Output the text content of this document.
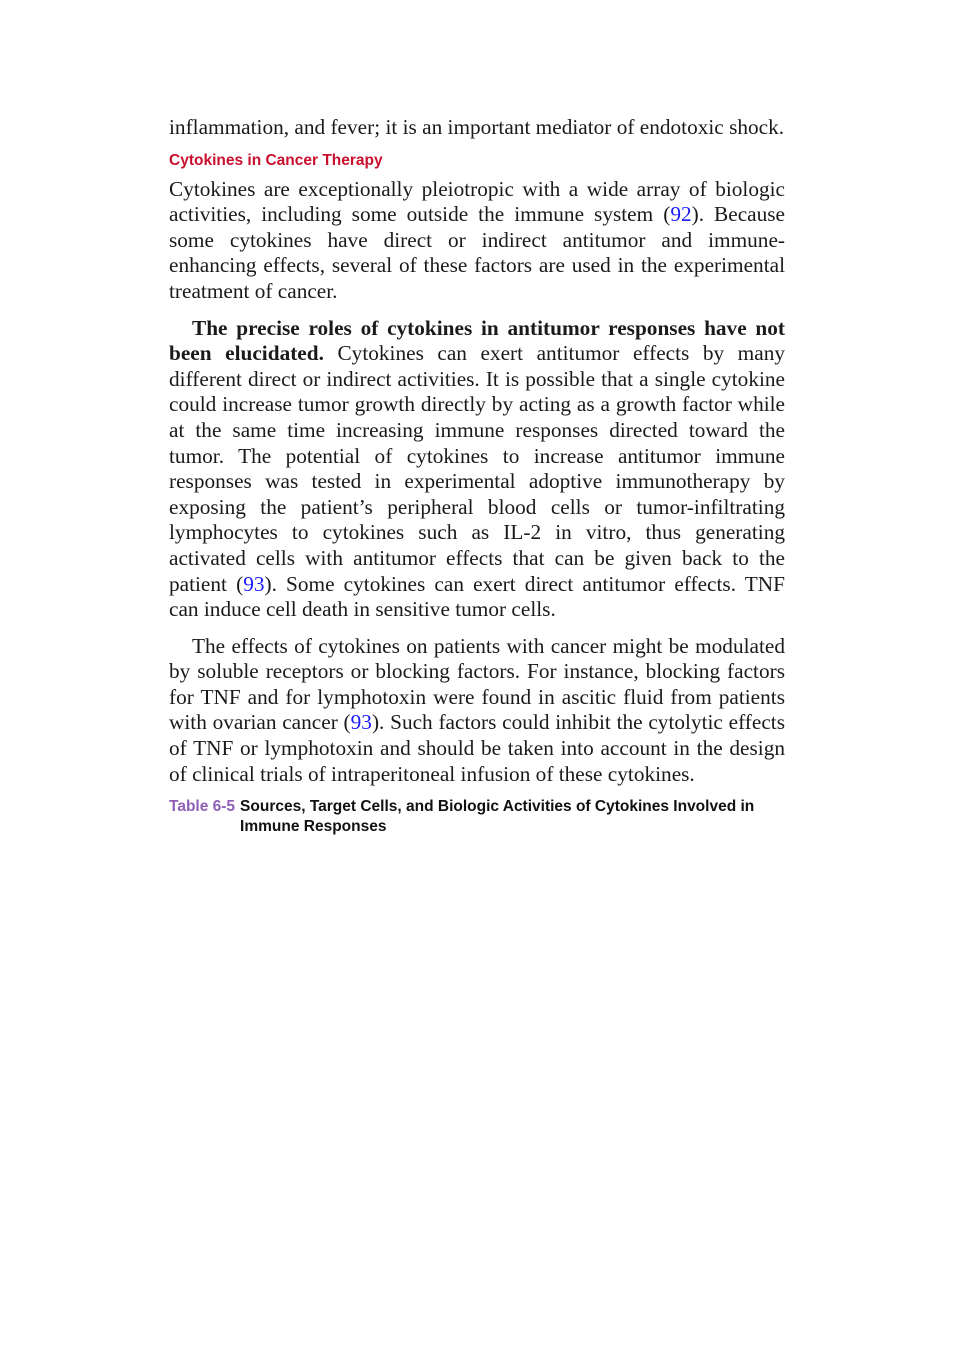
inflammation, and fever; it is an important mediator of endotoxic shock.

Cytokines in Cancer Therapy

Cytokines are exceptionally pleiotropic with a wide array of biologic activities, including some outside the immune system (92). Because some cytokines have direct or indirect antitumor and immune-enhancing effects, several of these factors are used in the experimental treatment of cancer.

The precise roles of cytokines in antitumor responses have not been elucidated. Cytokines can exert antitumor effects by many different direct or indirect activities. It is possible that a single cytokine could increase tumor growth directly by acting as a growth factor while at the same time increasing immune responses directed toward the tumor. The potential of cytokines to increase antitumor immune responses was tested in experimental adoptive immunotherapy by exposing the patient’s peripheral blood cells or tumor-infiltrating lymphocytes to cytokines such as IL-2 in vitro, thus generating activated cells with antitumor effects that can be given back to the patient (93). Some cytokines can exert direct antitumor effects. TNF can induce cell death in sensitive tumor cells.

The effects of cytokines on patients with cancer might be modulated by soluble receptors or blocking factors. For instance, blocking factors for TNF and for lymphotoxin were found in ascitic fluid from patients with ovarian cancer (93). Such factors could inhibit the cytolytic effects of TNF or lymphotoxin and should be taken into account in the design of clinical trials of intraperitoneal infusion of these cytokines.

Table 6-5 Sources, Target Cells, and Biologic Activities of Cytokines Involved in Immune Responses
